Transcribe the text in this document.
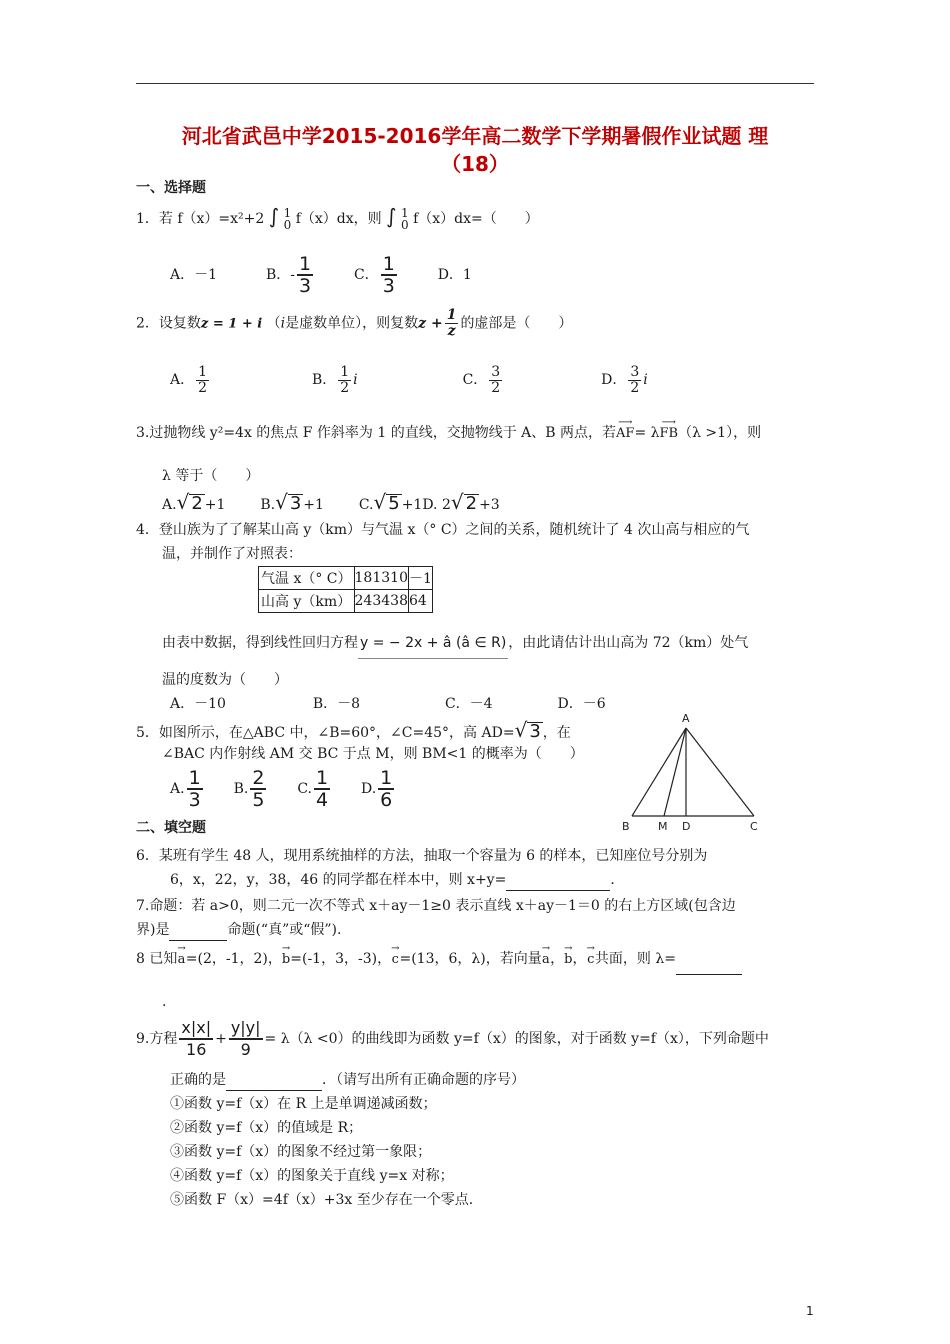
河北省武邑中学2015-2016学年高二数学下学期暑假作业试题 理
（18）
一、选择题
1．若 f（x）=x²+2 ∫ 1
0 f（x）dx，则 ∫ 1
0 f（x）dx=（　　）
A．－1	B．- $\frac{1}{3}$	C． $\frac{1}{3}$	D．1
2．设复数z = 1 + i （i是虚数单位），则复数$z + \frac{1}{z}$ 的虚部是（　　）
A． $\frac{1}{2}$	B． $\frac{1}{2}$ i	C． $\frac{3}{2}$	D． $\frac{3}{2}$ i
3.过抛物线 y²=4x 的焦点 F 作斜率为 1 的直线，交抛物线于 A、B 两点，若
⟶
AF = λ
⟶
FB （λ >1），则
λ 等于（　　）
A.√ 2 +1 B.√ 3 +1 C.√ 5 +1D. 2√ 2 +3
4．登山族为了了解某山高 y（km）与气温 x（° C）之间的关系，随机统计了 4 次山高与相应的气
温，并制作了对照表：
气温 x（° C）	18	13	10	－1
山高 y（km）	24	34	38	64
由表中数据，得到线性回归方程 y = − 2x + â (â ∈ R) ，由此请估计出山高为 72（km）处气
温的度数为（　　）
A．－10	B．－8	C．－4	D．－6
5．如图所示，在△ABC 中，∠B=60°，∠C=45°，高 AD=√ 3 ，在
∠BAC 内作射线 AM 交 BC 于点 M，则 BM<1 的概率为（　　）
A. $\frac{1}{3} B$. $\frac{2}{5} C$. $\frac{1}{4} D$. $\frac{1}{6}$
A
B	M D	C
二、填空题
6．某班有学生 48 人，现用系统抽样的方法，抽取一个容量为 6 的样本，已知座位号分别为
6，x，22，y，38，46 的同学都在样本中，则 x+y=	．
7.命题：若 a>0，则二元一次不等式 x＋ay－1≥0 表示直线 x＋ay－1＝0 的右上方区域(包含边
界)是	命题(“真”或“假”).
8 已知
→
a =(2，-1，2)，
→
b =(-1，3，-3)，
→
c =(13，6，λ)，若向量
→
a ，
→
b ，
→
c 共面，则 λ=
.
9.方程 $\frac{x|x|}{16} + \frac{y|y|}{9} = \lambda(\lambda <0)$的曲线即为函数 y=f（x）的图象，对于函数 y=f（x），下列命题中
正确的是	．（请写出所有正确命题的序号）
①函数 y=f（x）在 R 上是单调递减函数；
②函数 y=f（x）的值域是 R；
③函数 y=f（x）的图象不经过第一象限；
④函数 y=f（x）的图象关于直线 y=x 对称；
⑤函数 F（x）=4f（x）+3x 至少存在一个零点．
1
